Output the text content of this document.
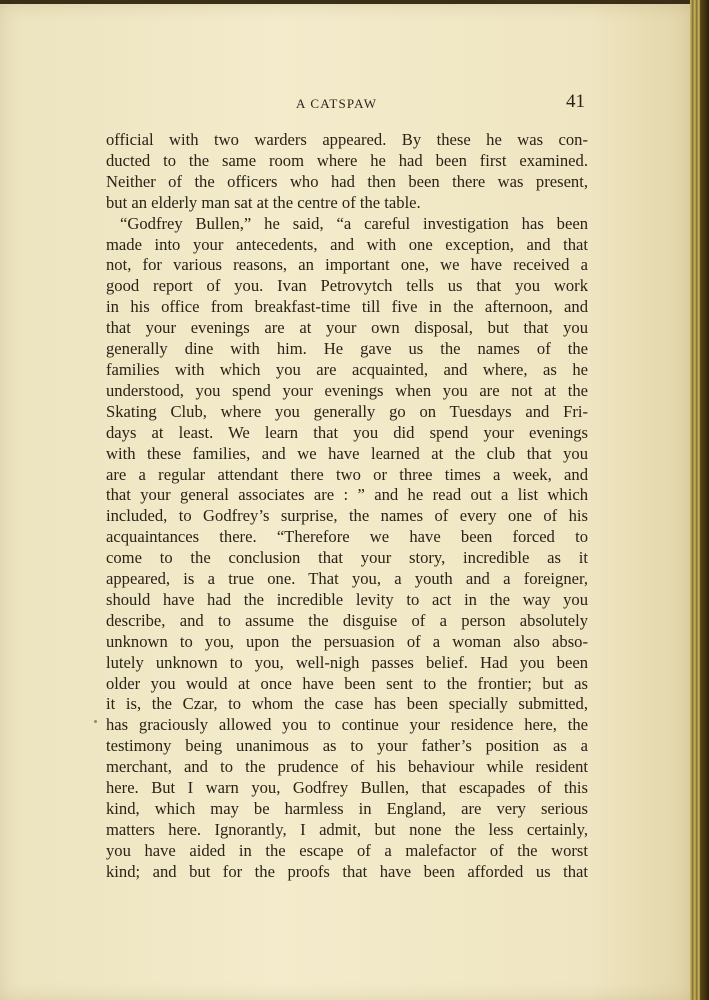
A CATSPAW	41
official with two warders appeared. By these he was con-
ducted to the same room where he had been first examined.
Neither of the officers who had then been there was present,
but an elderly man sat at the centre of the table.
“Godfrey Bullen,” he said, “a careful investigation has been
made into your antecedents, and with one exception, and that
not, for various reasons, an important one, we have received a
good report of you. Ivan Petrovytch tells us that you work
in his office from breakfast-time till five in the afternoon, and
that your evenings are at your own disposal, but that you
generally dine with him. He gave us the names of the
families with which you are acquainted, and where, as he
understood, you spend your evenings when you are not at the
Skating Club, where you generally go on Tuesdays and Fri-
days at least. We learn that you did spend your evenings
with these families, and we have learned at the club that you
are a regular attendant there two or three times a week, and
that your general associates are : ” and he read out a list which
included, to Godfrey’s surprise, the names of every one of his
acquaintances there. “Therefore we have been forced to
come to the conclusion that your story, incredible as it
appeared, is a true one. That you, a youth and a foreigner,
should have had the incredible levity to act in the way you
describe, and to assume the disguise of a person absolutely
unknown to you, upon the persuasion of a woman also abso-
lutely unknown to you, well-nigh passes belief. Had you been
older you would at once have been sent to the frontier; but as
it is, the Czar, to whom the case has been specially submitted,
has graciously allowed you to continue your residence here, the
testimony being unanimous as to your father’s position as a
merchant, and to the prudence of his behaviour while resident
here. But I warn you, Godfrey Bullen, that escapades of this
kind, which may be harmless in England, are very serious
matters here. Ignorantly, I admit, but none the less certainly,
you have aided in the escape of a malefactor of the worst
kind; and but for the proofs that have been afforded us that
